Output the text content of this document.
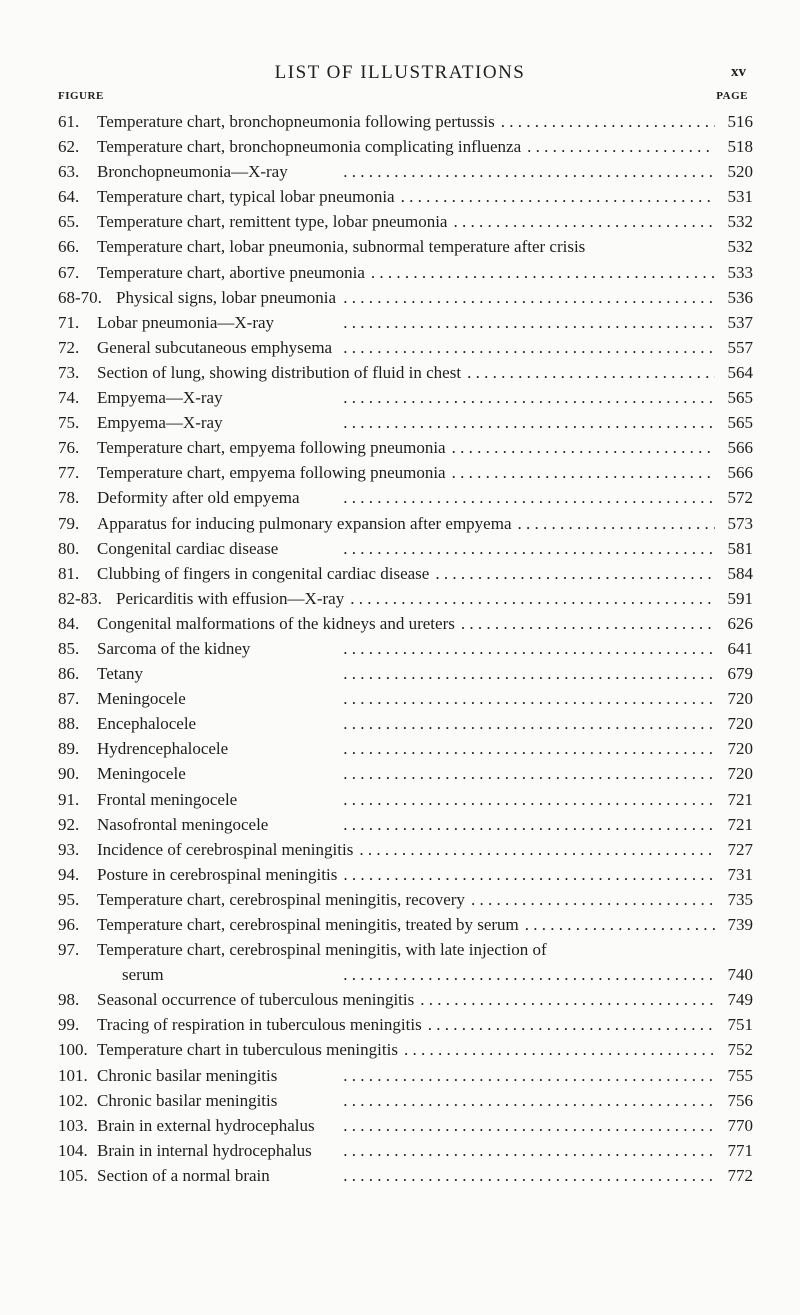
LIST OF ILLUSTRATIONS	xv
FIGURE	PAGE
61. Temperature chart, bronchopneumonia following pertussis . . .	516
62. Temperature chart, bronchopneumonia complicating influenza . . .	518
63. Bronchopneumonia—X-ray . . .	520
64. Temperature chart, typical lobar pneumonia . . .	531
65. Temperature chart, remittent type, lobar pneumonia . . .	532
66. Temperature chart, lobar pneumonia, subnormal temperature after crisis	532
67. Temperature chart, abortive pneumonia . . .	533
68-70. Physical signs, lobar pneumonia . . .	536
71. Lobar pneumonia—X-ray . . .	537
72. General subcutaneous emphysema . . .	557
73. Section of lung, showing distribution of fluid in chest . . .	564
74. Empyema—X-ray . . .	565
75. Empyema—X-ray . . .	565
76. Temperature chart, empyema following pneumonia . . .	566
77. Temperature chart, empyema following pneumonia . . .	566
78. Deformity after old empyema . . .	572
79. Apparatus for inducing pulmonary expansion after empyema . . .	573
80. Congenital cardiac disease . . .	581
81. Clubbing of fingers in congenital cardiac disease . . .	584
82-83. Pericarditis with effusion—X-ray . . .	591
84. Congenital malformations of the kidneys and ureters . . .	626
85. Sarcoma of the kidney . . .	641
86. Tetany . . .	679
87. Meningocele . . .	720
88. Encephalocele . . .	720
89. Hydrencephalocele . . .	720
90. Meningocele . . .	720
91. Frontal meningocele . . .	721
92. Nasofrontal meningocele . . .	721
93. Incidence of cerebrospinal meningitis . . .	727
94. Posture in cerebrospinal meningitis . . .	731
95. Temperature chart, cerebrospinal meningitis, recovery . . .	735
96. Temperature chart, cerebrospinal meningitis, treated by serum . . .	739
97. Temperature chart, cerebrospinal meningitis, with late injection of
serum . . .	740
98. Seasonal occurrence of tuberculous meningitis . . .	749
99. Tracing of respiration in tuberculous meningitis . . .	751
100. Temperature chart in tuberculous meningitis . . .	752
101. Chronic basilar meningitis . . .	755
102. Chronic basilar meningitis . . .	756
103. Brain in external hydrocephalus . . .	770
104. Brain in internal hydrocephalus . . .	771
105. Section of a normal brain . . .	772
